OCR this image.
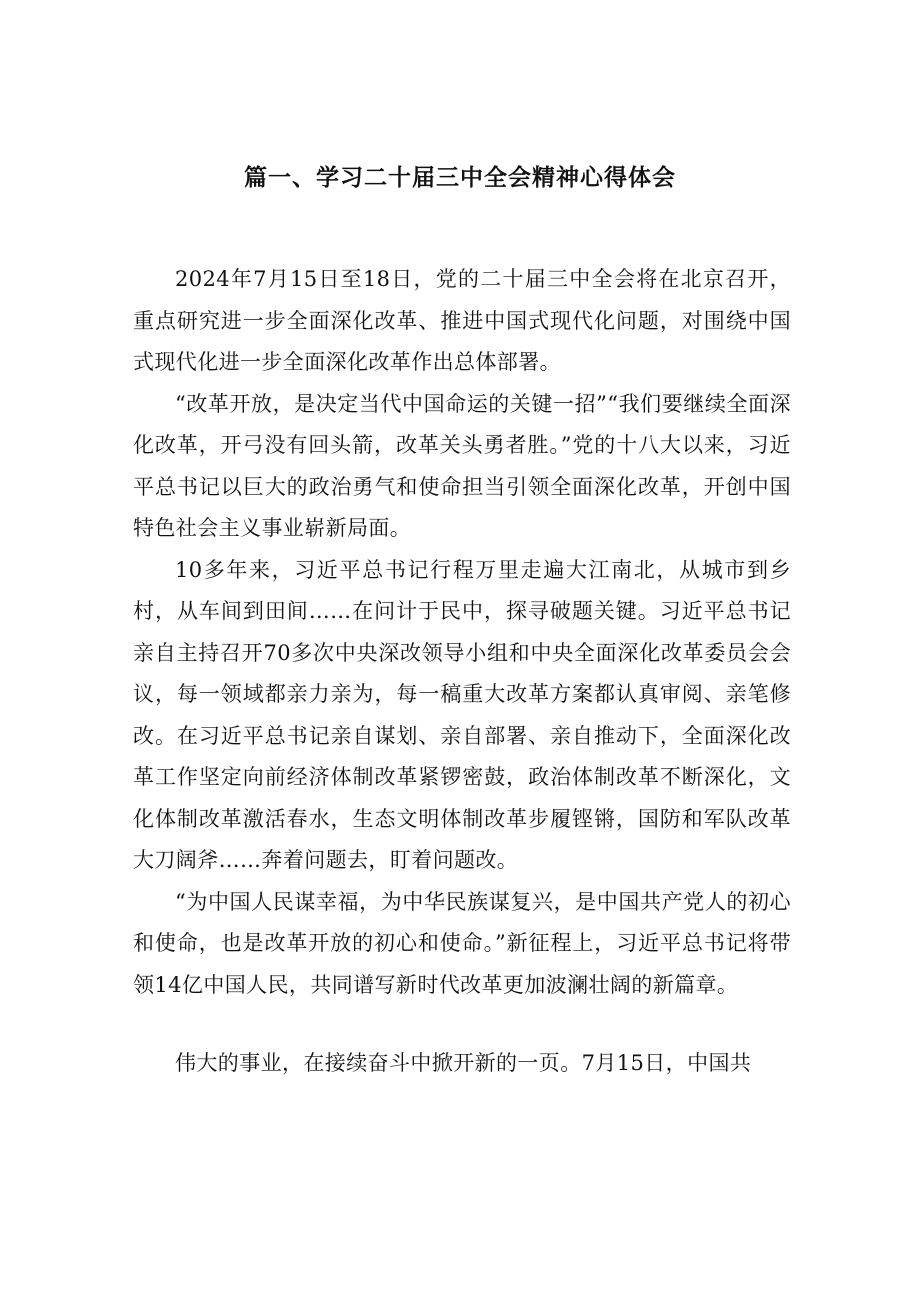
篇一、学习二十届三中全会精神心得体会

2024年7月15日至18日，党的二十届三中全会将在北京召开，重点研究进一步全面深化改革、推进中国式现代化问题，对围绕中国式现代化进一步全面深化改革作出总体部署。

“改革开放，是决定当代中国命运的关键一招”“我们要继续全面深化改革，开弓没有回头箭，改革关头勇者胜。”党的十八大以来，习近平总书记以巨大的政治勇气和使命担当引领全面深化改革，开创中国特色社会主义事业崭新局面。

10多年来，习近平总书记行程万里走遍大江南北，从城市到乡村，从车间到田间……在问计于民中，探寻破题关键。习近平总书记亲自主持召开70多次中央深改领导小组和中央全面深化改革委员会会议，每一领域都亲力亲为，每一稿重大改革方案都认真审阅、亲笔修改。在习近平总书记亲自谋划、亲自部署、亲自推动下，全面深化改革工作坚定向前经济体制改革紧锣密鼓，政治体制改革不断深化，文化体制改革激活春水，生态文明体制改革步履铿锵，国防和军队改革大刀阔斧……奔着问题去，盯着问题改。

“为中国人民谋幸福，为中华民族谋复兴，是中国共产党人的初心和使命，也是改革开放的初心和使命。”新征程上，习近平总书记将带领14亿中国人民，共同谱写新时代改革更加波澜壮阔的新篇章。

伟大的事业，在接续奋斗中掀开新的一页。7月15日，中国共
